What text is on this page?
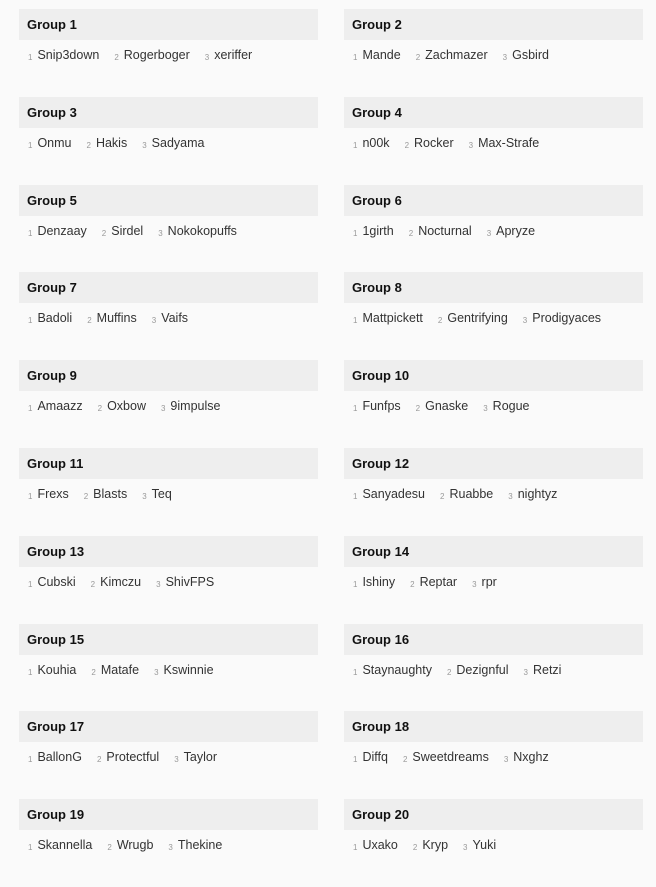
Group 1
1 Snip3down 2 Rogerboger 3 xeriffer
Group 2
1 Mande 2 Zachmazer 3 Gsbird
Group 3
1 Onmu 2 Hakis 3 Sadyama
Group 4
1 n00k 2 Rocker 3 Max-Strafe
Group 5
1 Denzaay 2 Sirdel 3 Nokokopuffs
Group 6
1 1girth 2 Nocturnal 3 Apryze
Group 7
1 Badoli 2 Muffins 3 Vaifs
Group 8
1 Mattpickett 2 Gentrifying 3 Prodigyaces
Group 9
1 Amaazz 2 Oxbow 3 9impulse
Group 10
1 Funfps 2 Gnaske 3 Rogue
Group 11
1 Frexs 2 Blasts 3 Teq
Group 12
1 Sanyadesu 2 Ruabbe 3 nightyz
Group 13
1 Cubski 2 Kimczu 3 ShivFPS
Group 14
1 Ishiny 2 Reptar 3 rpr
Group 15
1 Kouhia 2 Matafe 3 Kswinnie
Group 16
1 Staynaughty 2 Dezignful 3 Retzi
Group 17
1 BallonG 2 Protectful 3 Taylor
Group 18
1 Diffq 2 Sweetdreams 3 Nxghz
Group 19
1 Skannella 2 Wrugb 3 Thekine
Group 20
1 Uxako 2 Kryp 3 Yuki
